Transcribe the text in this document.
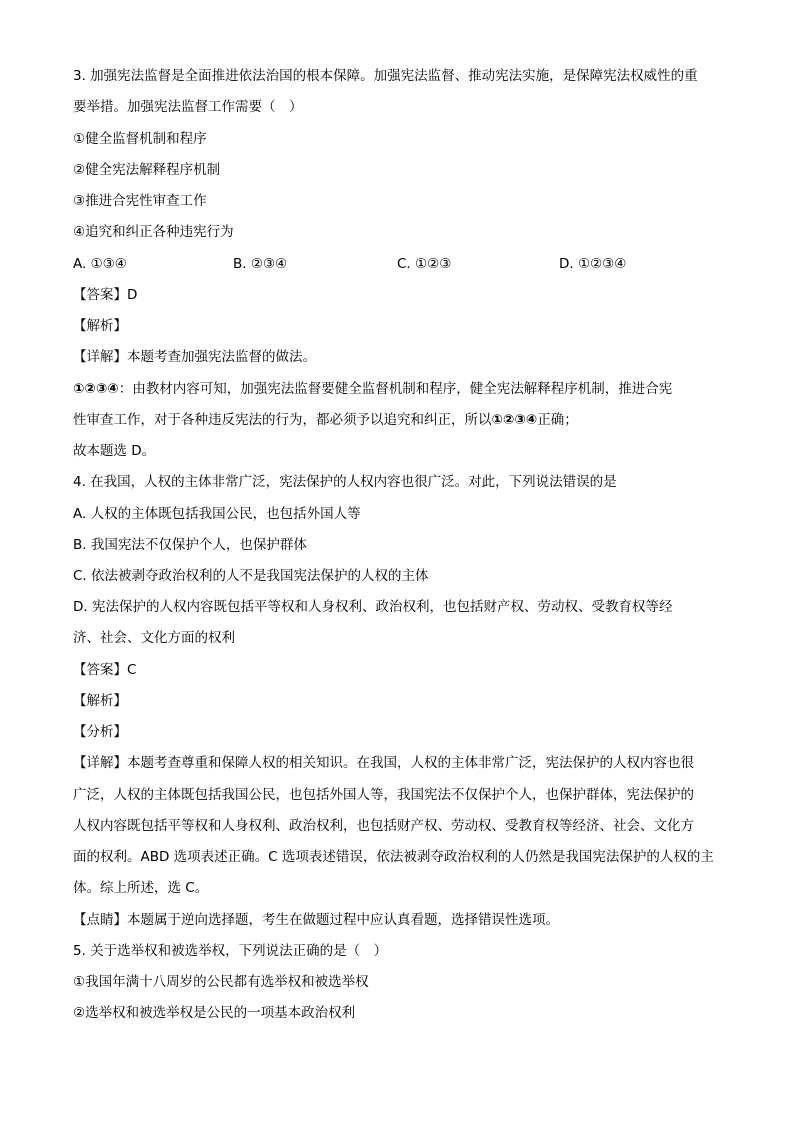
3. 加强宪法监督是全面推进依法治国的根本保障。加强宪法监督、推动宪法实施，是保障宪法权威性的重
要举措。加强宪法监督工作需要（　）
①健全监督机制和程序
②健全宪法解释程序机制
③推进合宪性审查工作
④追究和纠正各种违宪行为
A. ①③④	B. ②③④	C. ①②③	D. ①②③④
【答案】D
【解析】
【详解】本题考查加强宪法监督的做法。
①②③④：由教材内容可知，加强宪法监督要健全监督机制和程序，健全宪法解释程序机制，推进合宪
性审查工作，对于各种违反宪法的行为，都必须予以追究和纠正，所以①②③④正确；
故本题选 D。
4. 在我国，人权的主体非常广泛，宪法保护的人权内容也很广泛。对此，下列说法错误的是
A. 人权的主体既包括我国公民，也包括外国人等
B. 我国宪法不仅保护个人，也保护群体
C. 依法被剥夺政治权利的人不是我国宪法保护的人权的主体
D. 宪法保护的人权内容既包括平等权和人身权利、政治权利，也包括财产权、劳动权、受教育权等经
济、社会、文化方面的权利
【答案】C
【解析】
【分析】
【详解】本题考查尊重和保障人权的相关知识。在我国，人权的主体非常广泛，宪法保护的人权内容也很
广泛，人权的主体既包括我国公民，也包括外国人等，我国宪法不仅保护个人，也保护群体，宪法保护的
人权内容既包括平等权和人身权利、政治权利，也包括财产权、劳动权、受教育权等经济、社会、文化方
面的权利。ABD 选项表述正确。C 选项表述错误，依法被剥夺政治权利的人仍然是我国宪法保护的人权的主
体。综上所述，选 C。
【点睛】本题属于逆向选择题，考生在做题过程中应认真看题，选择错误性选项。
5. 关于选举权和被选举权，下列说法正确的是（　）
①我国年满十八周岁的公民都有选举权和被选举权
②选举权和被选举权是公民的一项基本政治权利
